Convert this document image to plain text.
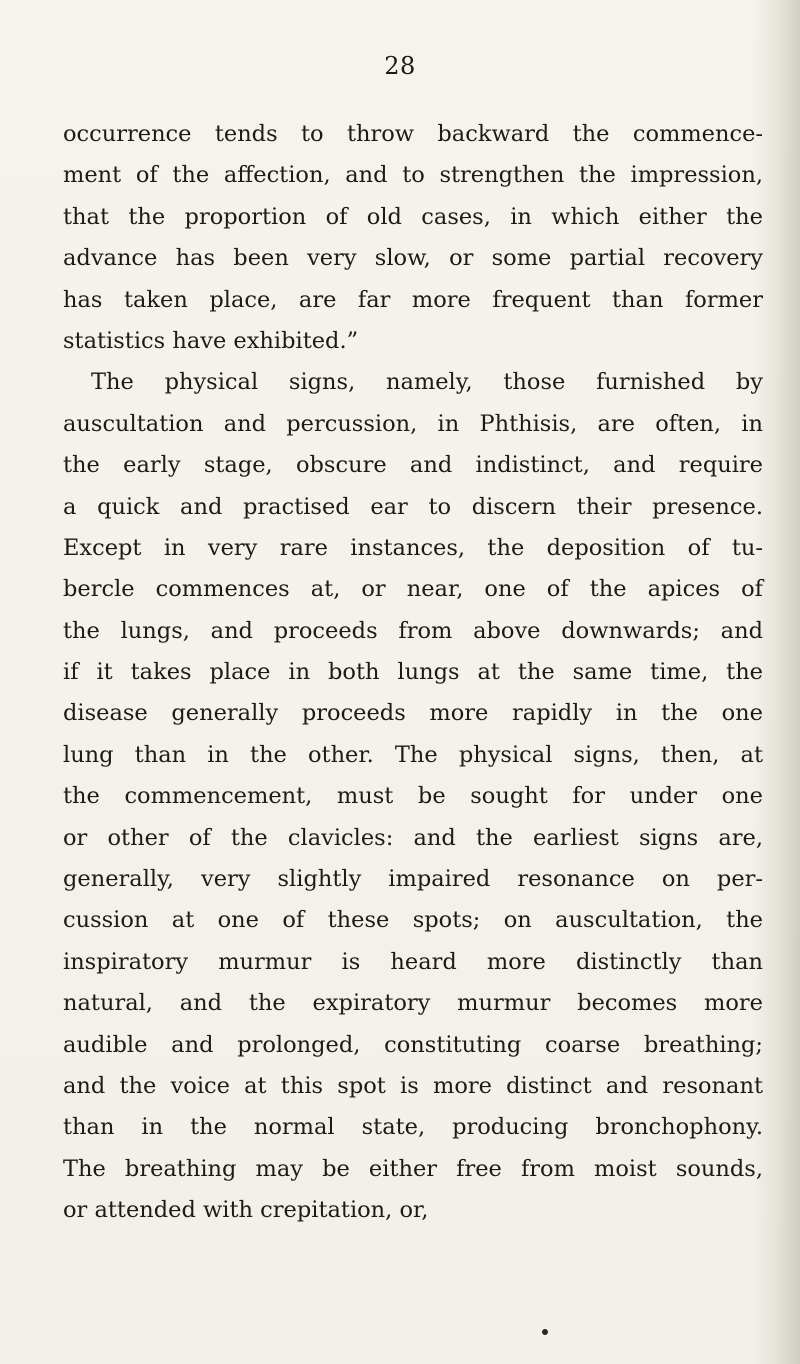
28
occurrence tends to throw backward the commence-
ment of the affection, and to strengthen the impression,
that the proportion of old cases, in which either the
advance has been very slow, or some partial recovery
has taken place, are far more frequent than former
statistics have exhibited.”
The physical signs, namely, those furnished by
auscultation and percussion, in Phthisis, are often, in
the early stage, obscure and indistinct, and require
a quick and practised ear to discern their presence.
Except in very rare instances, the deposition of tu-
bercle commences at, or near, one of the apices of
the lungs, and proceeds from above downwards; and
if it takes place in both lungs at the same time, the
disease generally proceeds more rapidly in the one
lung than in the other. The physical signs, then, at
the commencement, must be sought for under one
or other of the clavicles: and the earliest signs are,
generally, very slightly impaired resonance on per-
cussion at one of these spots; on auscultation, the
inspiratory murmur is heard more distinctly than
natural, and the expiratory murmur becomes more
audible and prolonged, constituting coarse breathing;
and the voice at this spot is more distinct and resonant
than in the normal state, producing bronchophony.
The breathing may be either free from moist sounds,
or attended with crepitation, or,
